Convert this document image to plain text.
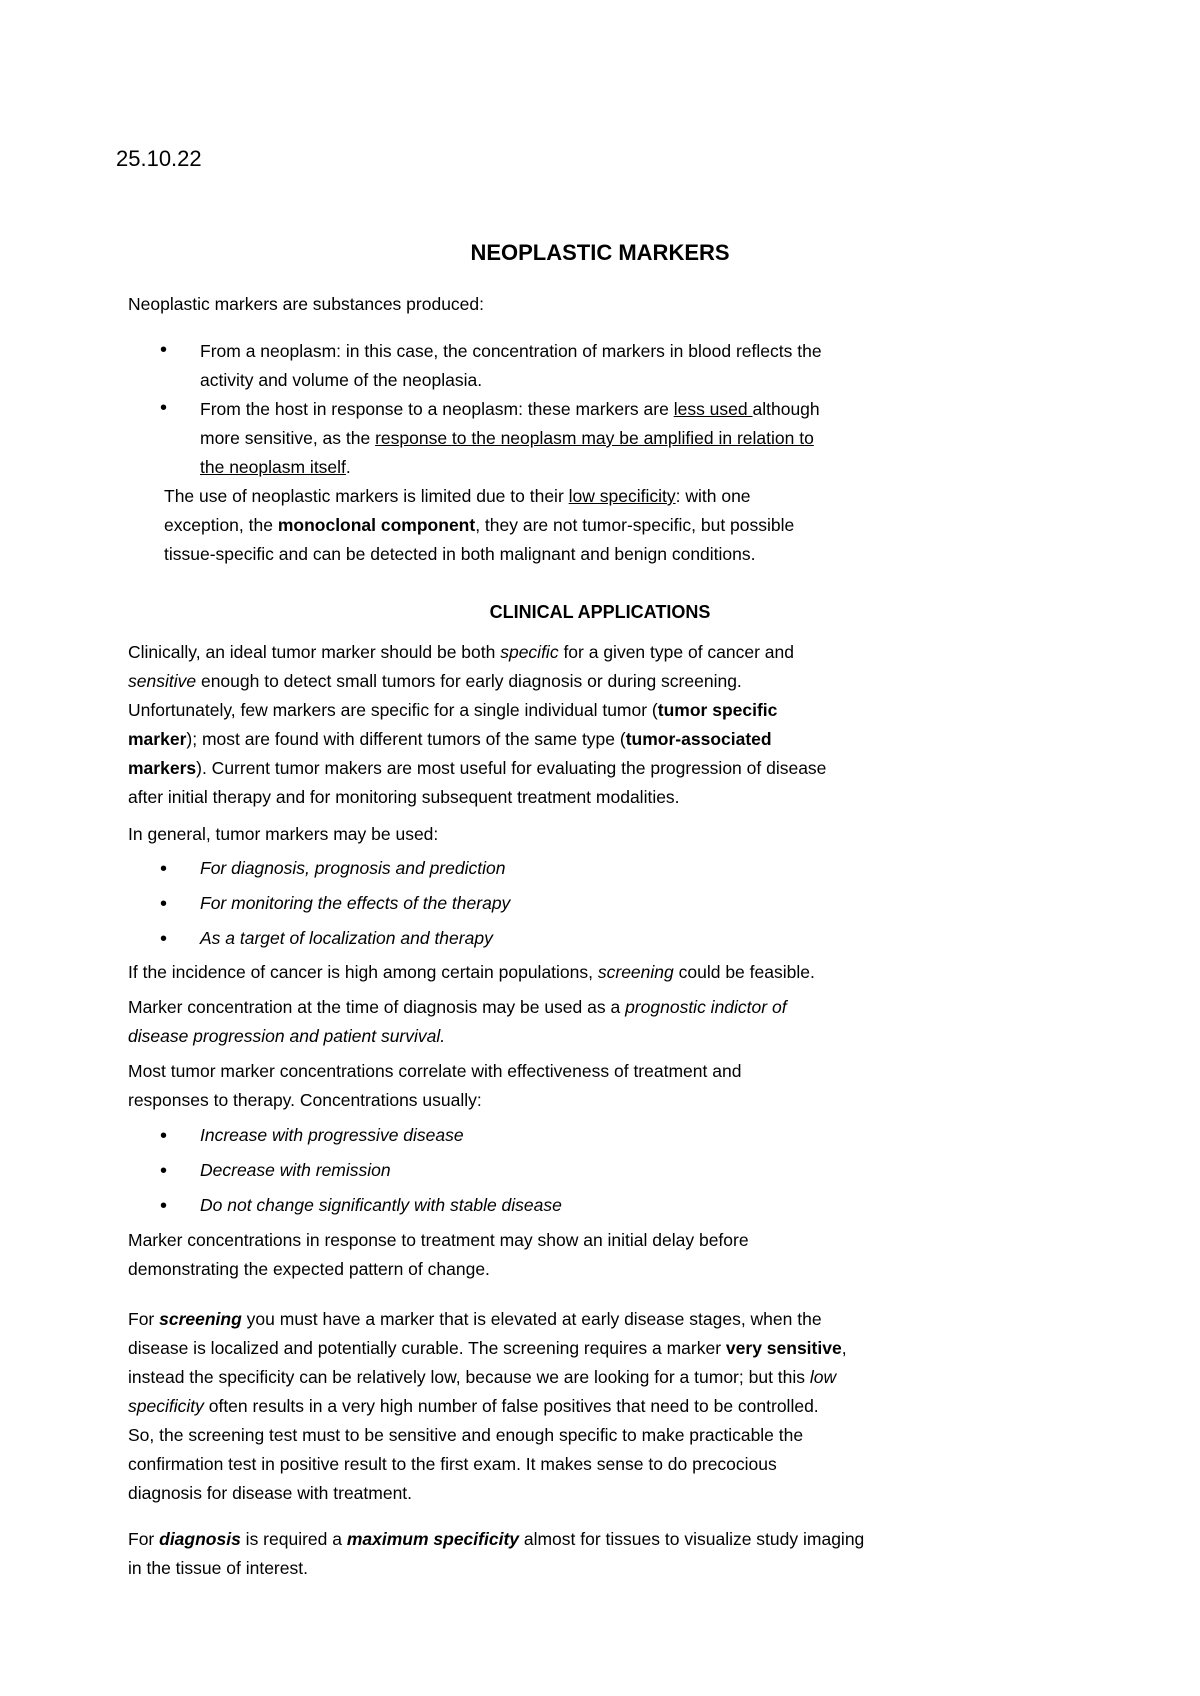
25.10.22
NEOPLASTIC MARKERS
Neoplastic markers are substances produced:
• From a neoplasm: in this case, the concentration of markers in blood reflects the
activity and volume of the neoplasia.
• From the host in response to a neoplasm: these markers are less used although
more sensitive, as the response to the neoplasm may be amplified in relation to
the neoplasm itself.
The use of neoplastic markers is limited due to their low specificity: with one
exception, the monoclonal component, they are not tumor-specific, but possible
tissue-specific and can be detected in both malignant and benign conditions.
CLINICAL APPLICATIONS
Clinically, an ideal tumor marker should be both specific for a given type of cancer and
sensitive enough to detect small tumors for early diagnosis or during screening.
Unfortunately, few markers are specific for a single individual tumor (tumor specific
marker); most are found with different tumors of the same type (tumor-associated
markers). Current tumor makers are most useful for evaluating the progression of disease
after initial therapy and for monitoring subsequent treatment modalities.
In general, tumor markers may be used:
• For diagnosis, prognosis and prediction
• For monitoring the effects of the therapy
• As a target of localization and therapy
If the incidence of cancer is high among certain populations, screening could be feasible.
Marker concentration at the time of diagnosis may be used as a prognostic indictor of
disease progression and patient survival.
Most tumor marker concentrations correlate with effectiveness of treatment and
responses to therapy. Concentrations usually:
• Increase with progressive disease
• Decrease with remission
• Do not change significantly with stable disease
Marker concentrations in response to treatment may show an initial delay before
demonstrating the expected pattern of change.
For screening you must have a marker that is elevated at early disease stages, when the
disease is localized and potentially curable. The screening requires a marker very sensitive,
instead the specificity can be relatively low, because we are looking for a tumor; but this low
specificity often results in a very high number of false positives that need to be controlled.
So, the screening test must to be sensitive and enough specific to make practicable the
confirmation test in positive result to the first exam. It makes sense to do precocious
diagnosis for disease with treatment.
For diagnosis is required a maximum specificity almost for tissues to visualize study imaging
in the tissue of interest.
